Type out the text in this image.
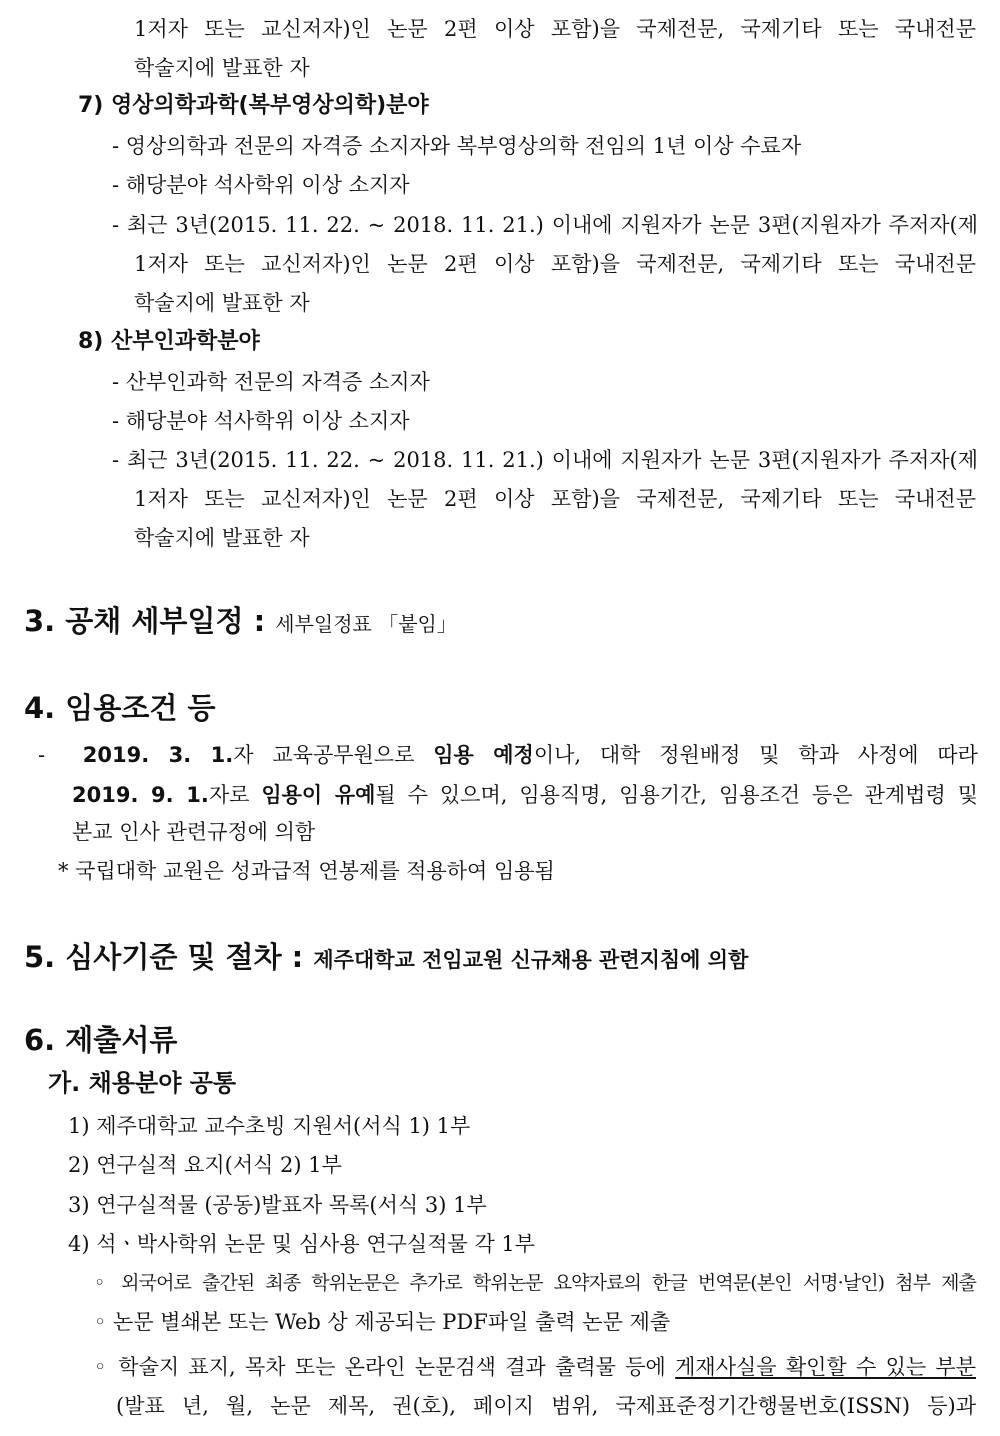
1저자 또는 교신저자)인 논문 2편 이상 포함)을 국제전문, 국제기타 또는 국내전문
학술지에 발표한 자
7) 영상의학과학(복부영상의학)분야
- 영상의학과 전문의 자격증 소지자와 복부영상의학 전임의 1년 이상 수료자
- 해당분야 석사학위 이상 소지자
- 최근 3년(2015. 11. 22. ~ 2018. 11. 21.) 이내에 지원자가 논문 3편(지원자가 주저자(제
1저자 또는 교신저자)인 논문 2편 이상 포함)을 국제전문, 국제기타 또는 국내전문
학술지에 발표한 자
8) 산부인과학분야
- 산부인과학 전문의 자격증 소지자
- 해당분야 석사학위 이상 소지자
- 최근 3년(2015. 11. 22. ~ 2018. 11. 21.) 이내에 지원자가 논문 3편(지원자가 주저자(제
1저자 또는 교신저자)인 논문 2편 이상 포함)을 국제전문, 국제기타 또는 국내전문
학술지에 발표한 자
3. 공채 세부일정 : 세부일정표 「붙임」
4. 임용조건 등
- 2019. 3. 1.자 교육공무원으로 임용 예정이나, 대학 정원배정 및 학과 사정에 따라
2019. 9. 1.자로 임용이 유예될 수 있으며, 임용직명, 임용기간, 임용조건 등은 관계법령 및
본교 인사 관련규정에 의함
* 국립대학 교원은 성과급적 연봉제를 적용하여 임용됨
5. 심사기준 및 절차 : 제주대학교 전임교원 신규채용 관련지침에 의함
6. 제출서류
가. 채용분야 공통
1) 제주대학교 교수초빙 지원서(서식 1) 1부
2) 연구실적 요지(서식 2) 1부
3) 연구실적물 (공동)발표자 목록(서식 3) 1부
4) 석ㆍ박사학위 논문 및 심사용 연구실적물 각 1부
◦ 외국어로 출간된 최종 학위논문은 추가로 학위논문 요약자료의 한글 번역문(본인 서명·날인) 첨부 제출
◦ 논문 별쇄본 또는 Web 상 제공되는 PDF파일 출력 논문 제출
◦ 학술지 표지, 목차 또는 온라인 논문검색 결과 출력물 등에 게재사실을 확인할 수 있는 부분
(발표 년, 월, 논문 제목, 권(호), 페이지 범위, 국제표준정기간행물번호(ISSN) 등)과
